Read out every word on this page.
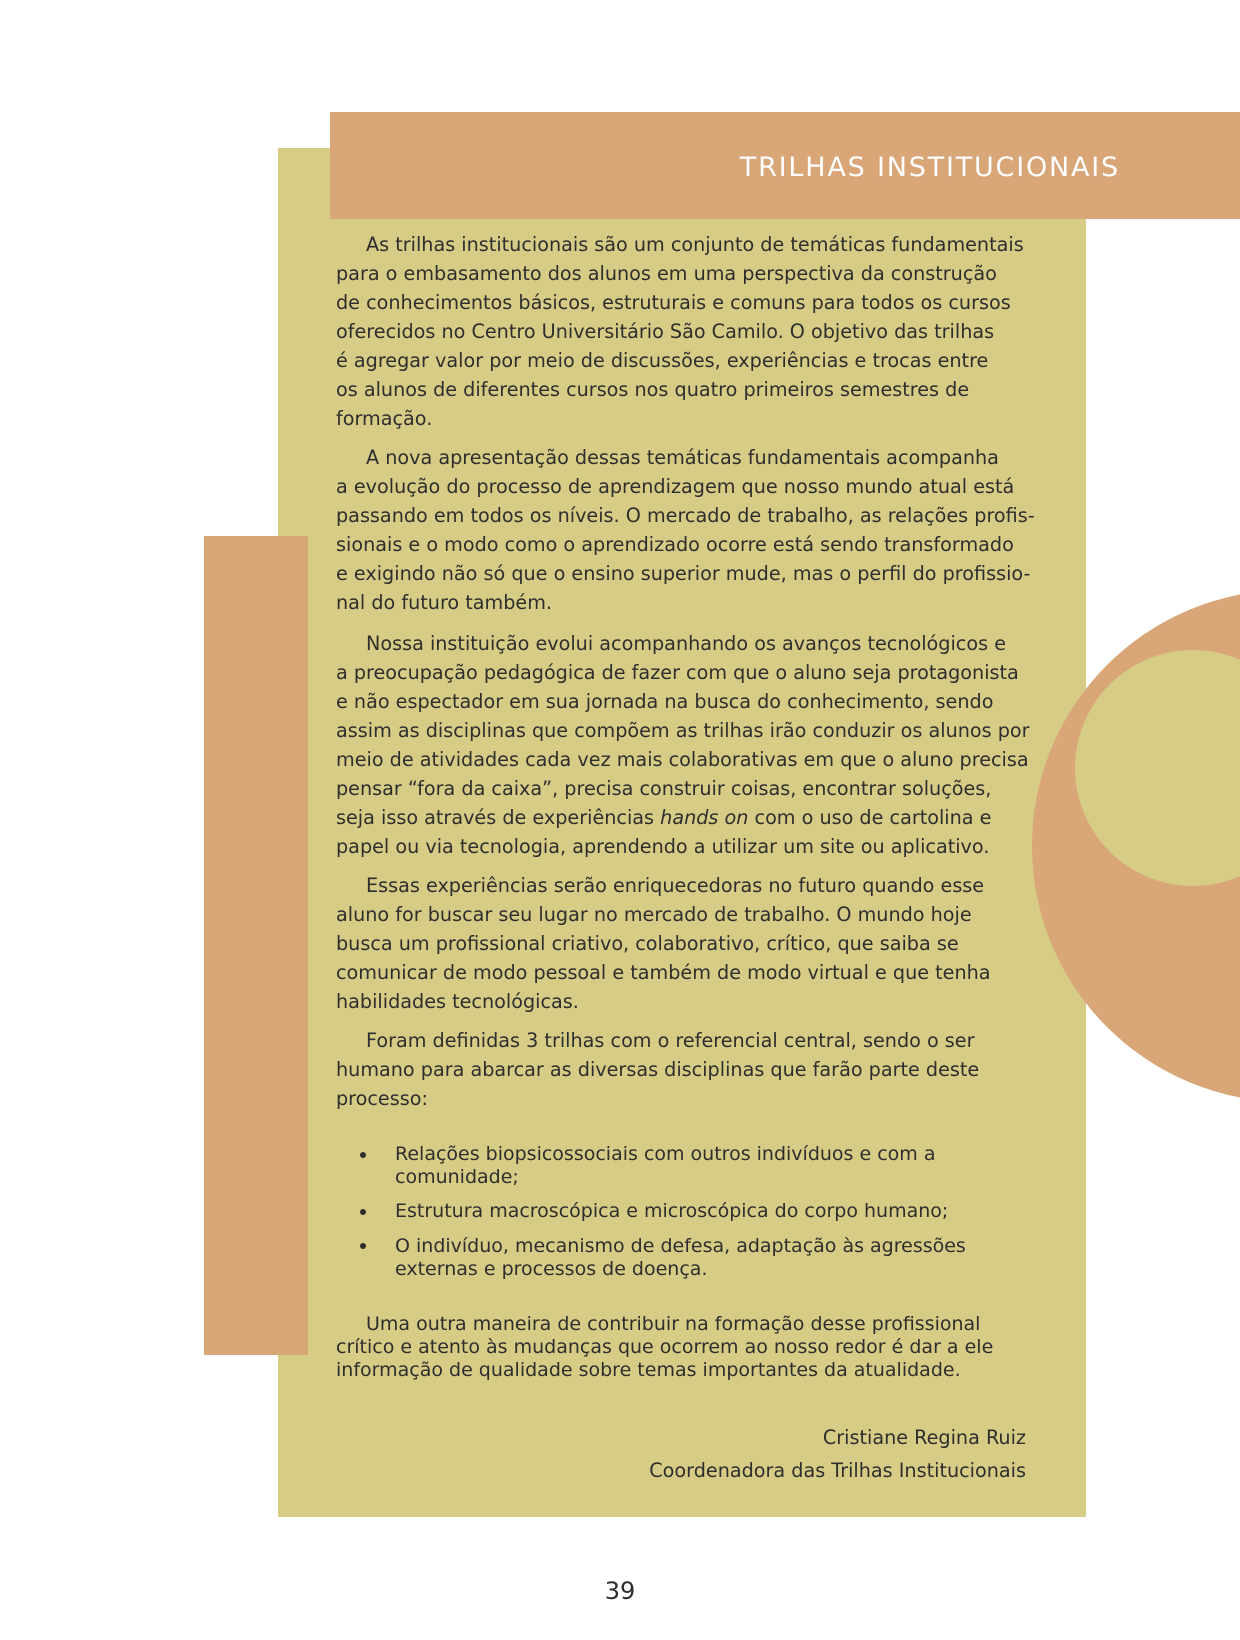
TRILHAS INSTITUCIONAIS
As trilhas institucionais são um conjunto de temáticas fundamentais
para o embasamento dos alunos em uma perspectiva da construção
de conhecimentos básicos, estruturais e comuns para todos os cursos
oferecidos no Centro Universitário São Camilo. O objetivo das trilhas
é agregar valor por meio de discussões, experiências e trocas entre
os alunos de diferentes cursos nos quatro primeiros semestres de
formação.
A nova apresentação dessas temáticas fundamentais acompanha
a evolução do processo de aprendizagem que nosso mundo atual está
passando em todos os níveis. O mercado de trabalho, as relações profis-
sionais e o modo como o aprendizado ocorre está sendo transformado
e exigindo não só que o ensino superior mude, mas o perfil do profissio-
nal do futuro também.
Nossa instituição evolui acompanhando os avanços tecnológicos e
a preocupação pedagógica de fazer com que o aluno seja protagonista
e não espectador em sua jornada na busca do conhecimento, sendo
assim as disciplinas que compõem as trilhas irão conduzir os alunos por
meio de atividades cada vez mais colaborativas em que o aluno precisa
pensar “fora da caixa”, precisa construir coisas, encontrar soluções,
seja isso através de experiências hands on com o uso de cartolina e
papel ou via tecnologia, aprendendo a utilizar um site ou aplicativo.
Essas experiências serão enriquecedoras no futuro quando esse
aluno for buscar seu lugar no mercado de trabalho. O mundo hoje
busca um profissional criativo, colaborativo, crítico, que saiba se
comunicar de modo pessoal e também de modo virtual e que tenha
habilidades tecnológicas.
Foram definidas 3 trilhas com o referencial central, sendo o ser
humano para abarcar as diversas disciplinas que farão parte deste
processo:
Relações biopsicossociais com outros indivíduos e com a
comunidade;
Estrutura macroscópica e microscópica do corpo humano;
O indivíduo, mecanismo de defesa, adaptação às agressões
externas e processos de doença.
Uma outra maneira de contribuir na formação desse profissional
crítico e atento às mudanças que ocorrem ao nosso redor é dar a ele
informação de qualidade sobre temas importantes da atualidade.
Cristiane Regina Ruiz
Coordenadora das Trilhas Institucionais
39
